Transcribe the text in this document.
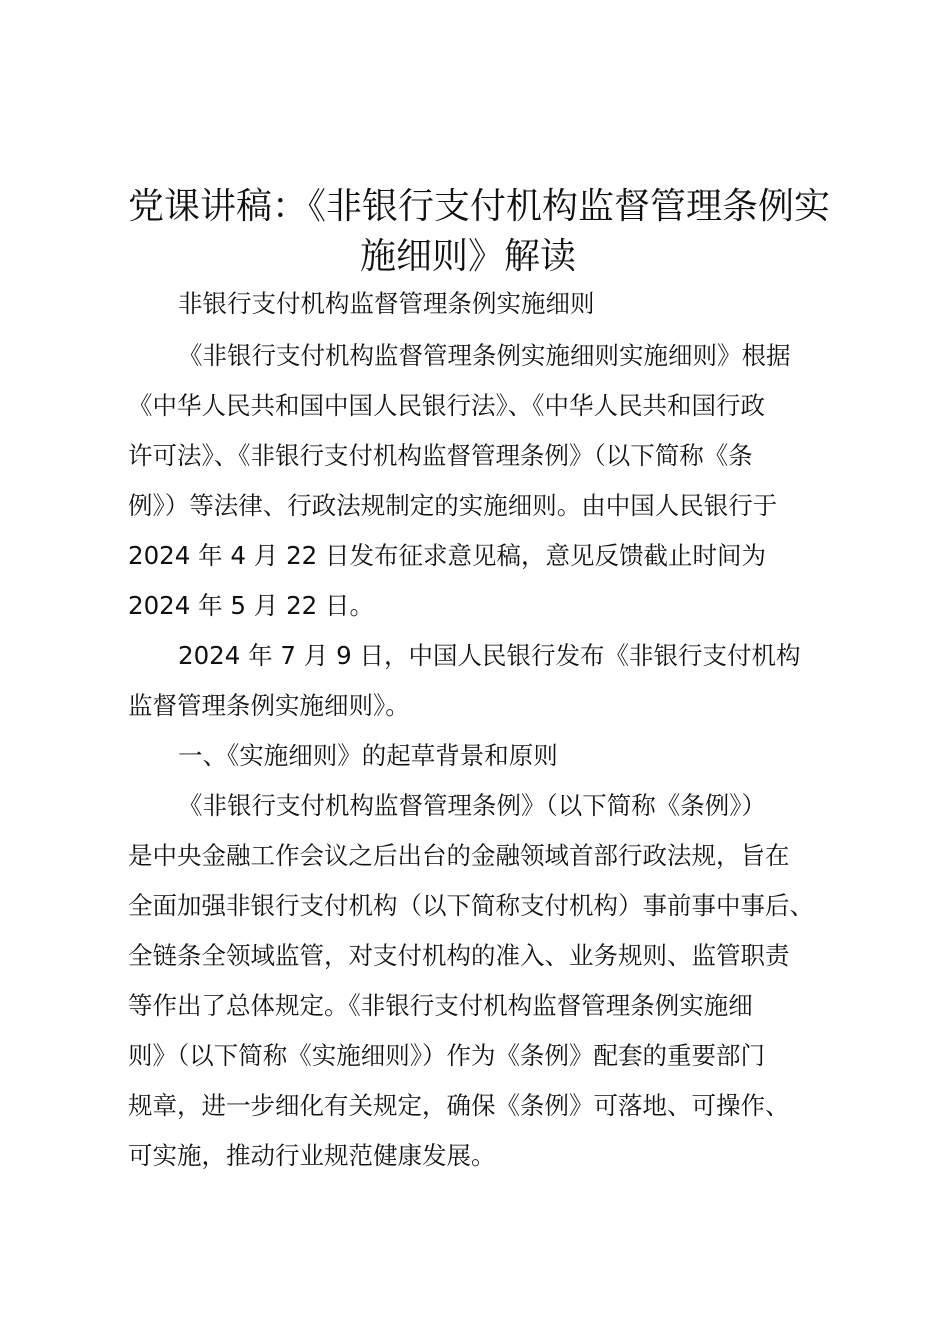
党课讲稿：《非银行支付机构监督管理条例实
施细则》解读
非银行支付机构监督管理条例实施细则
《非银行支付机构监督管理条例实施细则实施细则》根据
《中华人民共和国中国人民银行法》、《中华人民共和国行政
许可法》、《非银行支付机构监督管理条例》（以下简称《条
例》）等法律、行政法规制定的实施细则。由中国人民银行于
2024 年 4 月 22 日发布征求意见稿，意见反馈截止时间为
2024 年 5 月 22 日。
2024 年 7 月 9 日，中国人民银行发布《非银行支付机构
监督管理条例实施细则》。
一、《实施细则》的起草背景和原则
《非银行支付机构监督管理条例》（以下简称《条例》）
是中央金融工作会议之后出台的金融领域首部行政法规，旨在
全面加强非银行支付机构（以下简称支付机构）事前事中事后、
全链条全领域监管，对支付机构的准入、业务规则、监管职责
等作出了总体规定。《非银行支付机构监督管理条例实施细
则》（以下简称《实施细则》）作为《条例》配套的重要部门
规章，进一步细化有关规定，确保《条例》可落地、可操作、
可实施，推动行业规范健康发展。
